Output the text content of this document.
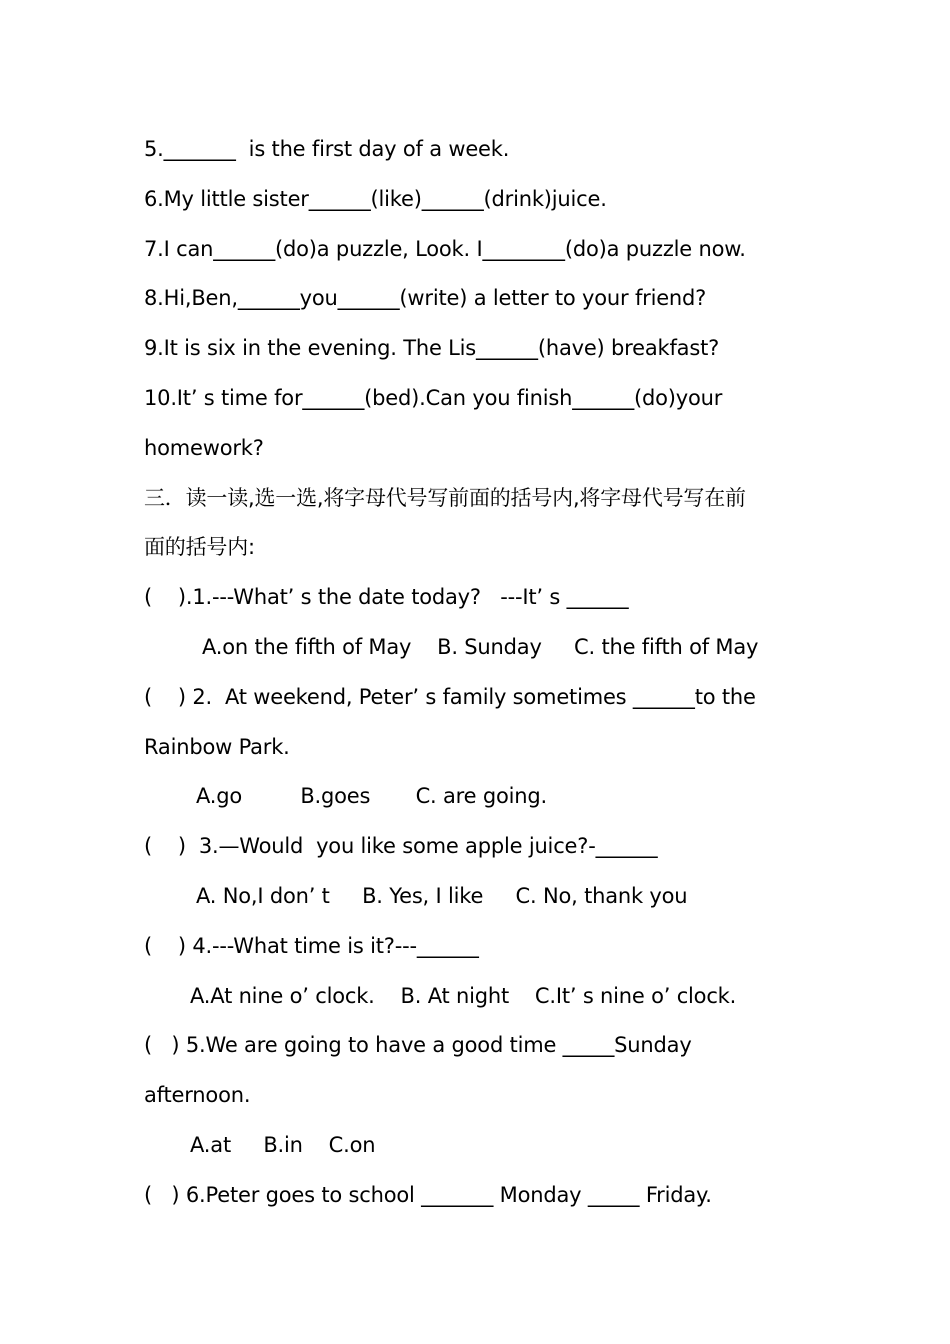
5._______  is the first day of a week.
6.My little sister______(like)______(drink)juice.
7.I can______(do)a puzzle, Look. I________(do)a puzzle now.
8.Hi,Ben,______you______(write) a letter to your friend?
9.It is six in the evening. The Lis______(have) breakfast?
10.It’ s time for______(bed).Can you finish______(do)your
homework?
三．读一读,选一选,将字母代号写前面的括号内,将字母代号写在前
面的括号内:
(    ).1.---What’ s the date today?   ---It’ s ______
A.on the fifth of May    B. Sunday     C. the fifth of May
(    ) 2.  At weekend, Peter’ s family sometimes ______to the
Rainbow Park.
A.go         B.goes       C. are going.
(    )  3.—Would  you like some apple juice?-______
A. No,I don’ t     B. Yes, I like     C. No, thank you
(    ) 4.---What time is it?---______
A.At nine o’ clock.    B. At night    C.It’ s nine o’ clock.
(   ) 5.We are going to have a good time _____Sunday
afternoon.
A.at     B.in    C.on
(   ) 6.Peter goes to school _______ Monday _____ Friday.
